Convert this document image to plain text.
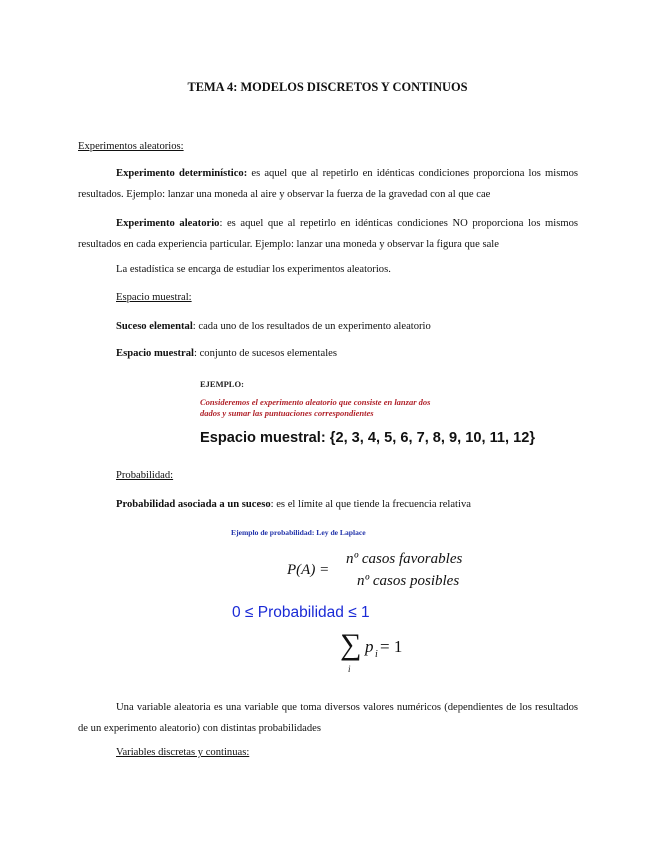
TEMA 4: MODELOS DISCRETOS Y CONTINUOS
Experimentos aleatorios:
Experimento determinístico: es aquel que al repetirlo en idénticas condiciones proporciona los mismos resultados. Ejemplo: lanzar una moneda al aire y observar la fuerza de la gravedad con al que cae
Experimento aleatorio: es aquel que al repetirlo en idénticas condiciones NO proporciona los mismos resultados en cada experiencia particular. Ejemplo: lanzar una moneda y observar la figura que sale
La estadística se encarga de estudiar los experimentos aleatorios.
Espacio muestral:
Suceso elemental: cada uno de los resultados de un experimento aleatorio
Espacio muestral: conjunto de sucesos elementales
EJEMPLO:
Consideremos el experimento aleatorio que consiste en lanzar dos
dados y sumar las puntuaciones correspondientes
Espacio muestral: {2, 3, 4, 5, 6, 7, 8, 9, 10, 11, 12}
Probabilidad:
Probabilidad asociada a un suceso: es el límite al que tiende la frecuencia relativa
Ejemplo de probabilidad: Ley de Laplace
P(A) =
nº casos favorables
nº casos posibles
0 ≤ Probabilidad ≤ 1
∑
i
p i = 1
Una variable aleatoria es una variable que toma diversos valores numéricos (dependientes de los resultados de un experimento aleatorio) con distintas probabilidades
Variables discretas y continuas:
